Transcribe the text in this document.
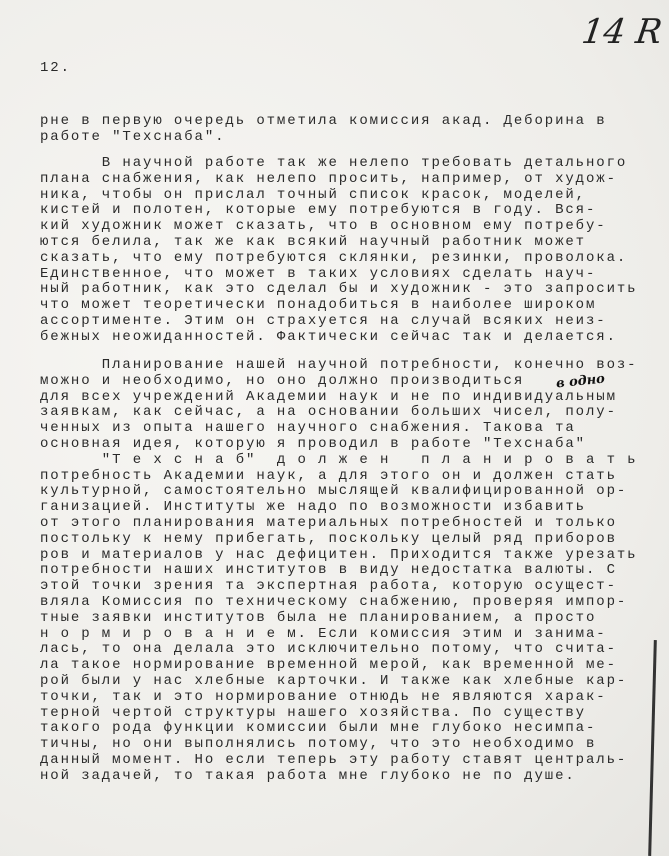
14 R
12.
рне в первую очередь отметила комиссия акад. Деборина в
работе "Техснаба".
В научной работе так же нелепо требовать детального
плана снабжения, как нелепо просить, например, от худож-
ника, чтобы он прислал точный список красок, моделей,
кистей и полотен, которые ему потребуются в году. Вся-
кий художник может сказать, что в основном ему потребу-
ются белила, так же как всякий научный работник может
сказать, что ему потребуются склянки, резинки, проволока.
Единственное, что может в таких условиях сделать науч-
ный работник, как это сделал бы и художник - это запросить
что может теоретически понадобиться в наиболее широком
ассортименте. Этим он страхуется на случай всяких неиз-
бежных неожиданностей. Фактически сейчас так и делается.
Планирование нашей научной потребности, конечно воз-
можно и необходимо, но оно должно производиться
для всех учреждений Академии наук и не по индивидуальным
заявкам, как сейчас, а на основании больших чисел, полу-
ченных из опыта нашего научного снабжения. Такова та
основная идея, которую я проводил в работе "Техснаба"
"Т е х с н а б"  д о л ж е н   п л а н и р о в а т ь
потребность Академии наук, а для этого он и должен стать
культурной, самостоятельно мыслящей квалифицированной ор-
ганизацией. Институты же надо по возможности избавить
от этого планирования материальных потребностей и только
постольку к нему прибегать, поскольку целый ряд приборов
ров и материалов у нас дефицитен. Приходится также урезать
потребности наших институтов в виду недостатка валюты. С
этой точки зрения та экспертная работа, которую осущест-
вляла Комиссия по техническому снабжению, проверяя импор-
тные заявки институтов была не планированием, а просто
н о р м и р о в а н и е м. Если комиссия этим и занима-
лась, то она делала это исключительно потому, что счита-
ла такое нормирование временной мерой, как временной ме-
рой были у нас хлебные карточки. И также как хлебные кар-
точки, так и это нормирование отнюдь не являются харак-
терной чертой структуры нашего хозяйства. По существу
такого рода функции комиссии были мне глубоко несимпа-
тичны, но они выполнялись потому, что это необходимо в
данный момент. Но если теперь эту работу ставят централь-
ной задачей, то такая работа мне глубоко не по душе.
в одно
